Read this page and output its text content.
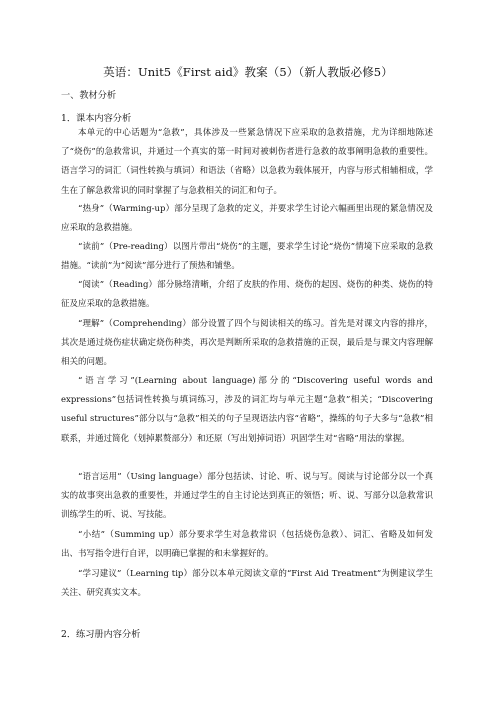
英语：Unit5《First aid》教案（5）（新人教版必修5）
一、教材分析
1．课本内容分析

本单元的中心话题为“急救”，具体涉及一些紧急情况下应采取的急救措施，尤为详细地陈述了“烧伤”的急救常识，并通过一个真实的第一时间对被刺伤者进行急救的故事阐明急救的重要性。语言学习的词汇（词性转换与填词）和语法（省略）以急救为载体展开，内容与形式相辅相成，学生在了解急救常识的同时掌握了与急救相关的词汇和句子。

“热身”（Warming-up）部分呈现了急救的定义，并要求学生讨论六幅画里出现的紧急情况及应采取的急救措施。

“读前”（Pre-reading）以图片带出“烧伤”的主题，要求学生讨论“烧伤”情境下应采取的急救措施。“读前”为“阅读”部分进行了预热和铺垫。

“阅读”（Reading）部分脉络清晰，介绍了皮肤的作用、烧伤的起因、烧伤的种类、烧伤的特征及应采取的急救措施。

“理解”（Comprehending）部分设置了四个与阅读相关的练习。首先是对课文内容的排序，其次是通过烧伤症状确定烧伤种类，再次是判断所采取的急救措施的正误，最后是与课文内容理解相关的问题。

“语言学习”(Learning about language)部分的“Discovering useful words and expressions”包括词性转换与填词练习，涉及的词汇均与单元主题“急救”相关；“Discovering useful structures”部分以与“急救”相关的句子呈现语法内容“省略”，操练的句子大多与“急救”相联系，并通过简化（划掉累赘部分）和还原（写出划掉词语）巩固学生对“省略”用法的掌握。

“语言运用”（Using language）部分包括读、讨论、听、说与写。阅读与讨论部分以一个真实的故事突出急救的重要性，并通过学生的自主讨论达到真正的领悟；听、说、写部分以急救常识训练学生的听、说、写技能。

“小结”（Summing up）部分要求学生对急救常识（包括烧伤急救）、词汇、省略及如何发出、书写指令进行自评，以明确已掌握的和未掌握好的。

“学习建议”（Learning tip）部分以本单元阅读文章的“First Aid Treatment”为例建议学生关注、研究真实文本。

2．练习册内容分析
